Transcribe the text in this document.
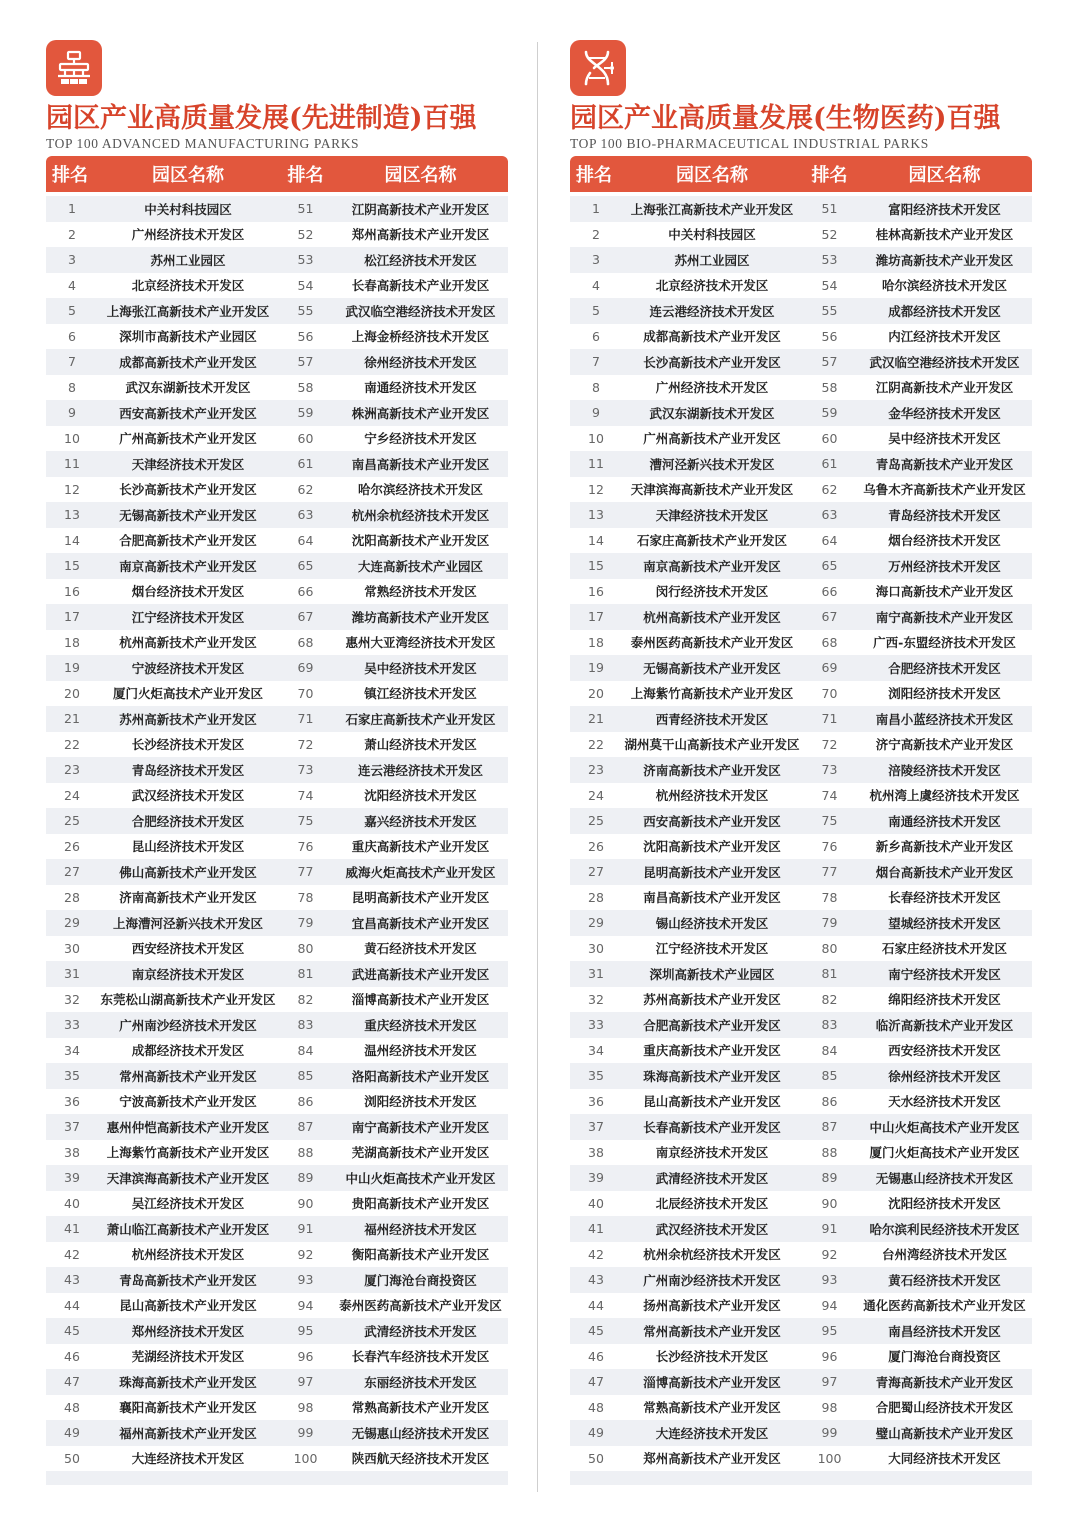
园区产业高质量发展(先进制造)百强
TOP 100 ADVANCED MANUFACTURING PARKS
排名	园区名称	排名	园区名称
1	中关村科技园区	51	江阴高新技术产业开发区
2	广州经济技术开发区	52	郑州高新技术产业开发区
3	苏州工业园区	53	松江经济技术开发区
4	北京经济技术开发区	54	长春高新技术产业开发区
5	上海张江高新技术产业开发区	55	武汉临空港经济技术开发区
6	深圳市高新技术产业园区	56	上海金桥经济技术开发区
7	成都高新技术产业开发区	57	徐州经济技术开发区
8	武汉东湖新技术开发区	58	南通经济技术开发区
9	西安高新技术产业开发区	59	株洲高新技术产业开发区
10	广州高新技术产业开发区	60	宁乡经济技术开发区
11	天津经济技术开发区	61	南昌高新技术产业开发区
12	长沙高新技术产业开发区	62	哈尔滨经济技术开发区
13	无锡高新技术产业开发区	63	杭州余杭经济技术开发区
14	合肥高新技术产业开发区	64	沈阳高新技术产业开发区
15	南京高新技术产业开发区	65	大连高新技术产业园区
16	烟台经济技术开发区	66	常熟经济技术开发区
17	江宁经济技术开发区	67	潍坊高新技术产业开发区
18	杭州高新技术产业开发区	68	惠州大亚湾经济技术开发区
19	宁波经济技术开发区	69	吴中经济技术开发区
20	厦门火炬高技术产业开发区	70	镇江经济技术开发区
21	苏州高新技术产业开发区	71	石家庄高新技术产业开发区
22	长沙经济技术开发区	72	萧山经济技术开发区
23	青岛经济技术开发区	73	连云港经济技术开发区
24	武汉经济技术开发区	74	沈阳经济技术开发区
25	合肥经济技术开发区	75	嘉兴经济技术开发区
26	昆山经济技术开发区	76	重庆高新技术产业开发区
27	佛山高新技术产业开发区	77	威海火炬高技术产业开发区
28	济南高新技术产业开发区	78	昆明高新技术产业开发区
29	上海漕河泾新兴技术开发区	79	宜昌高新技术产业开发区
30	西安经济技术开发区	80	黄石经济技术开发区
31	南京经济技术开发区	81	武进高新技术产业开发区
32	东莞松山湖高新技术产业开发区	82	淄博高新技术产业开发区
33	广州南沙经济技术开发区	83	重庆经济技术开发区
34	成都经济技术开发区	84	温州经济技术开发区
35	常州高新技术产业开发区	85	洛阳高新技术产业开发区
36	宁波高新技术产业开发区	86	浏阳经济技术开发区
37	惠州仲恺高新技术产业开发区	87	南宁高新技术产业开发区
38	上海紫竹高新技术产业开发区	88	芜湖高新技术产业开发区
39	天津滨海高新技术产业开发区	89	中山火炬高技术产业开发区
40	吴江经济技术开发区	90	贵阳高新技术产业开发区
41	萧山临江高新技术产业开发区	91	福州经济技术开发区
42	杭州经济技术开发区	92	衡阳高新技术产业开发区
43	青岛高新技术产业开发区	93	厦门海沧台商投资区
44	昆山高新技术产业开发区	94	泰州医药高新技术产业开发区
45	郑州经济技术开发区	95	武清经济技术开发区
46	芜湖经济技术开发区	96	长春汽车经济技术开发区
47	珠海高新技术产业开发区	97	东丽经济技术开发区
48	襄阳高新技术产业开发区	98	常熟高新技术产业开发区
49	福州高新技术产业开发区	99	无锡惠山经济技术开发区
50	大连经济技术开发区	100	陕西航天经济技术开发区
园区产业高质量发展(生物医药)百强
TOP 100 BIO-PHARMACEUTICAL INDUSTRIAL PARKS
排名	园区名称	排名	园区名称
1	上海张江高新技术产业开发区	51	富阳经济技术开发区
2	中关村科技园区	52	桂林高新技术产业开发区
3	苏州工业园区	53	潍坊高新技术产业开发区
4	北京经济技术开发区	54	哈尔滨经济技术开发区
5	连云港经济技术开发区	55	成都经济技术开发区
6	成都高新技术产业开发区	56	内江经济技术开发区
7	长沙高新技术产业开发区	57	武汉临空港经济技术开发区
8	广州经济技术开发区	58	江阴高新技术产业开发区
9	武汉东湖新技术开发区	59	金华经济技术开发区
10	广州高新技术产业开发区	60	吴中经济技术开发区
11	漕河泾新兴技术开发区	61	青岛高新技术产业开发区
12	天津滨海高新技术产业开发区	62	乌鲁木齐高新技术产业开发区
13	天津经济技术开发区	63	青岛经济技术开发区
14	石家庄高新技术产业开发区	64	烟台经济技术开发区
15	南京高新技术产业开发区	65	万州经济技术开发区
16	闵行经济技术开发区	66	海口高新技术产业开发区
17	杭州高新技术产业开发区	67	南宁高新技术产业开发区
18	泰州医药高新技术产业开发区	68	广西-东盟经济技术开发区
19	无锡高新技术产业开发区	69	合肥经济技术开发区
20	上海紫竹高新技术产业开发区	70	浏阳经济技术开发区
21	西青经济技术开发区	71	南昌小蓝经济技术开发区
22	湖州莫干山高新技术产业开发区	72	济宁高新技术产业开发区
23	济南高新技术产业开发区	73	涪陵经济技术开发区
24	杭州经济技术开发区	74	杭州湾上虞经济技术开发区
25	西安高新技术产业开发区	75	南通经济技术开发区
26	沈阳高新技术产业开发区	76	新乡高新技术产业开发区
27	昆明高新技术产业开发区	77	烟台高新技术产业开发区
28	南昌高新技术产业开发区	78	长春经济技术开发区
29	锡山经济技术开发区	79	望城经济技术开发区
30	江宁经济技术开发区	80	石家庄经济技术开发区
31	深圳高新技术产业园区	81	南宁经济技术开发区
32	苏州高新技术产业开发区	82	绵阳经济技术开发区
33	合肥高新技术产业开发区	83	临沂高新技术产业开发区
34	重庆高新技术产业开发区	84	西安经济技术开发区
35	珠海高新技术产业开发区	85	徐州经济技术开发区
36	昆山高新技术产业开发区	86	天水经济技术开发区
37	长春高新技术产业开发区	87	中山火炬高技术产业开发区
38	南京经济技术开发区	88	厦门火炬高技术产业开发区
39	武清经济技术开发区	89	无锡惠山经济技术开发区
40	北辰经济技术开发区	90	沈阳经济技术开发区
41	武汉经济技术开发区	91	哈尔滨利民经济技术开发区
42	杭州余杭经济技术开发区	92	台州湾经济技术开发区
43	广州南沙经济技术开发区	93	黄石经济技术开发区
44	扬州高新技术产业开发区	94	通化医药高新技术产业开发区
45	常州高新技术产业开发区	95	南昌经济技术开发区
46	长沙经济技术开发区	96	厦门海沧台商投资区
47	淄博高新技术产业开发区	97	青海高新技术产业开发区
48	常熟高新技术产业开发区	98	合肥蜀山经济技术开发区
49	大连经济技术开发区	99	璧山高新技术产业开发区
50	郑州高新技术产业开发区	100	大同经济技术开发区
